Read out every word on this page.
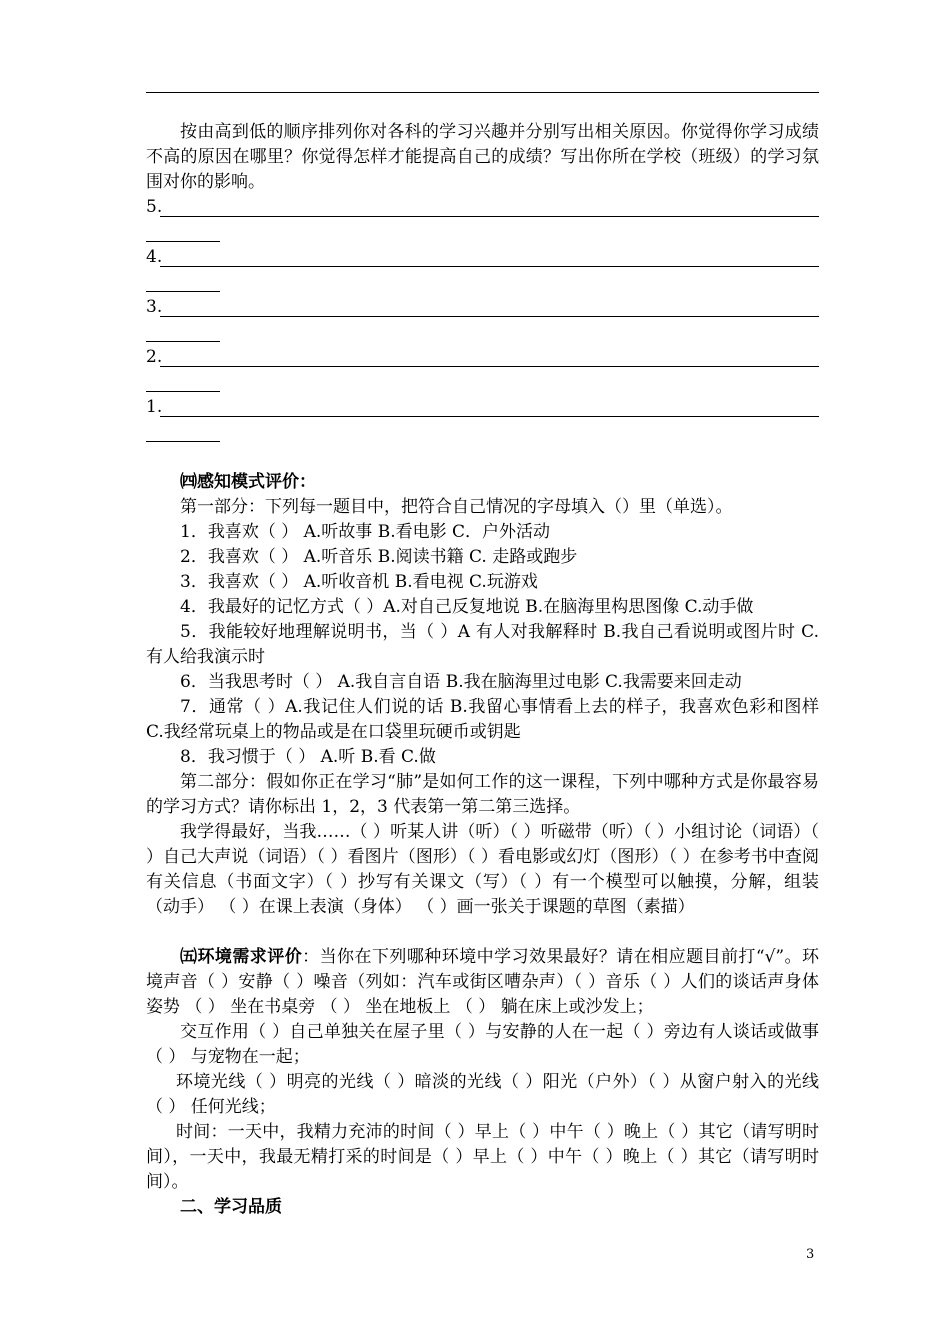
按由高到低的顺序排列你对各科的学习兴趣并分别写出相关原因。你觉得你学习成绩不高的原因在哪里？你觉得怎样才能提高自己的成绩？写出你所在学校（班级）的学习氛围对你的影响。

5.
4.
3.
2.
1.

㈣感知模式评价：

第一部分：下列每一题目中，把符合自己情况的字母填入（）里（单选）。

1．我喜欢（ ） A.听故事 B.看电影 C．户外活动

2．我喜欢（ ） A.听音乐 B.阅读书籍 C. 走路或跑步

3．我喜欢（ ） A.听收音机 B.看电视 C.玩游戏

4．我最好的记忆方式（ ）A.对自己反复地说 B.在脑海里构思图像 C.动手做

5．我能较好地理解说明书，当（ ）A 有人对我解释时 B.我自己看说明或图片时 C.有人给我演示时

6．当我思考时（ ） A.我自言自语 B.我在脑海里过电影 C.我需要来回走动

7．通常（ ）A.我记住人们说的话 B.我留心事情看上去的样子，我喜欢色彩和图样 C.我经常玩桌上的物品或是在口袋里玩硬币或钥匙

8．我习惯于（ ） A.听 B.看 C.做

第二部分：假如你正在学习“肺”是如何工作的这一课程，下列中哪种方式是你最容易的学习方式？请你标出 1，2，3 代表第一第二第三选择。

我学得最好，当我……（ ）听某人讲（听）（ ）听磁带（听）（ ）小组讨论（词语）（ ）自己大声说（词语）（ ）看图片（图形）（ ）看电影或幻灯（图形）（ ）在参考书中查阅有关信息（书面文字）（ ）抄写有关课文（写）（ ）有一个模型可以触摸，分解，组装（动手） （ ）在课上表演（身体） （ ）画一张关于课题的草图（素描）

㈤环境需求评价：当你在下列哪种环境中学习效果最好？请在相应题目前打“√”。环境声音（ ）安静（ ）噪音（列如：汽车或街区嘈杂声）（ ）音乐（ ）人们的谈话声身体姿势 （ ） 坐在书桌旁 （ ） 坐在地板上 （ ） 躺在床上或沙发上；

交互作用（ ）自己单独关在屋子里（ ）与安静的人在一起（ ）旁边有人谈话或做事 （ ） 与宠物在一起；

环境光线（ ）明亮的光线（ ）暗淡的光线（ ）阳光（户外）（ ）从窗户射入的光线 （ ） 任何光线；

时间：一天中，我精力充沛的时间（ ）早上（ ）中午（ ）晚上（ ）其它（请写明时间），一天中，我最无精打采的时间是（ ）早上（ ）中午（ ）晚上（ ）其它（请写明时间）。

二、学习品质

3
